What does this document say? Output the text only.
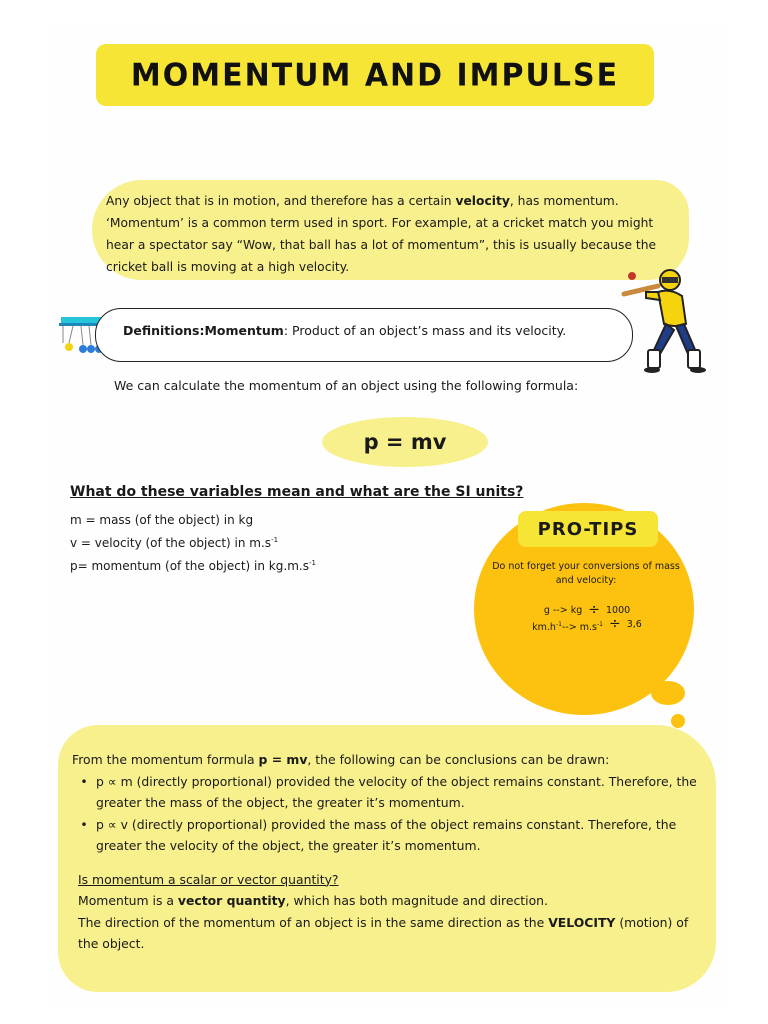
MOMENTUM AND IMPULSE
Any object that is in motion, and therefore has a certain velocity, has momentum. ‘Momentum’ is a common term used in sport. For example, at a cricket match you might hear a spectator say “Wow, that ball has a lot of momentum”, this is usually because the cricket ball is moving at a high velocity.
Definitions:Momentum: Product of an object’s mass and its velocity.
We can calculate the momentum of an object using the following formula:
p = mv
What do these variables mean and what are the SI units?
m = mass (of the object) in kg
v = velocity (of the object) in $m.s^{-1}$
p= momentum (of the object) in $kg.m.s^{-1}$
PRO-TIPS
Do not forget your conversions of mass and velocity:
g --> kg ÷ 1000
$km.h^{-1}--> m.s^{-1} \div 3,6$
From the momentum formula p = mv, the following can be conclusions can be drawn:
• p ∝ m (directly proportional) provided the velocity of the object remains constant. Therefore, the greater the mass of the object, the greater it’s momentum.
• p ∝ v (directly proportional) provided the mass of the object remains constant. Therefore, the greater the velocity of the object, the greater it’s momentum.
Is momentum a scalar or vector quantity?
Momentum is a vector quantity, which has both magnitude and direction.
The direction of the momentum of an object is in the same direction as the VELOCITY (motion) of the object.
